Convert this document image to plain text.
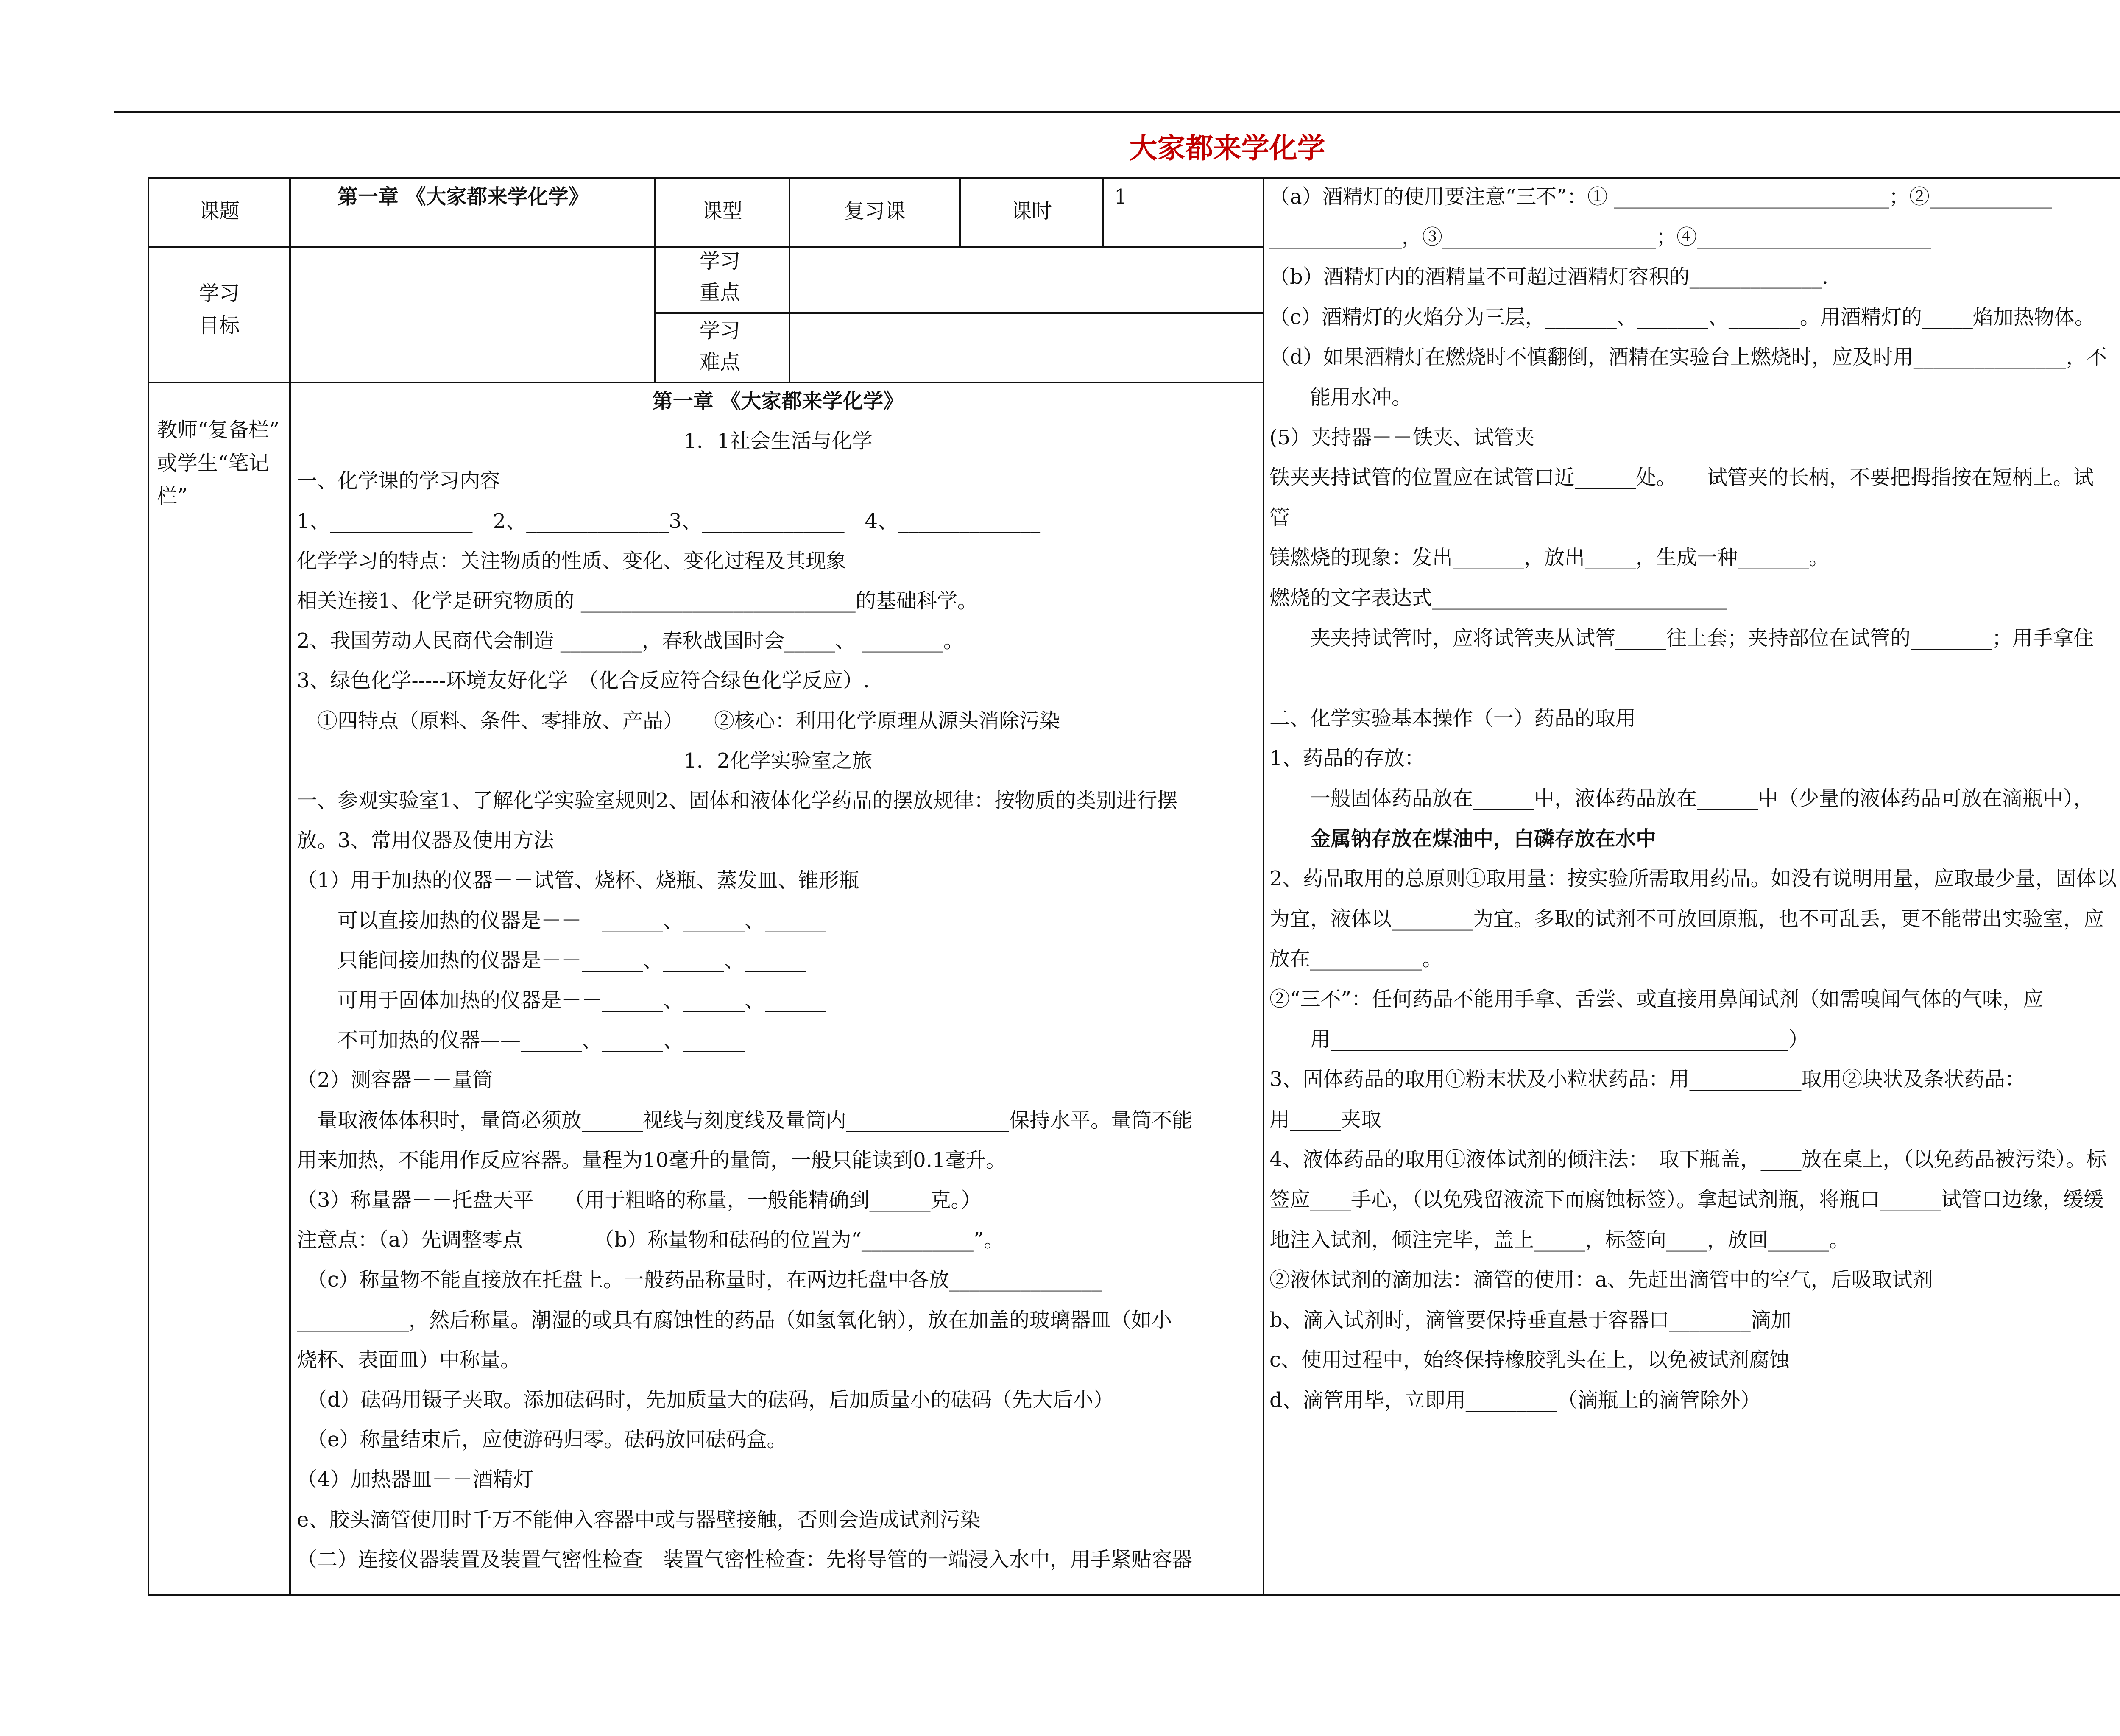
大家都来学化学
课题
第一章 《大家都来学化学》
课型	复习课	课时
1
学习
目标
学习
重点
学习
难点
教师“复备栏”
或学生“笔记
栏”
第一章 《大家都来学化学》
1．1社会生活与化学
一、化学课的学习内容
1、______________　2、______________3、______________　4、______________
化学学习的特点：关注物质的性质、变化、变化过程及其现象
相关连接1、化学是研究物质的 ___________________________的基础科学。
2、我国劳动人民商代会制造 ________，春秋战国时会_____、 ________。
3、绿色化学-----环境友好化学　（化合反应符合绿色化学反应）.
　①四特点（原料、条件、零排放、产品）　　②核心：利用化学原理从源头消除污染
1．2化学实验室之旅
一、参观实验室1、了解化学实验室规则2、固体和液体化学药品的摆放规律：按物质的类别进行摆
放。3、常用仪器及使用方法
（1）用于加热的仪器－－试管、烧杯、烧瓶、蒸发皿、锥形瓶
　　可以直接加热的仪器是－－　______、______、______
　　只能间接加热的仪器是－－______、______、______
　　可用于固体加热的仪器是－－______、______、______
　　不可加热的仪器——______、______、______
（2）测容器－－量筒
　量取液体体积时，量筒必须放______视线与刻度线及量筒内________________保持水平。量筒不能
用来加热，不能用作反应容器。量程为10毫升的量筒，一般只能读到0.1毫升。
（3）称量器－－托盘天平　　（用于粗略的称量，一般能精确到______克。）
注意点：（a）先调整零点　　　　（b）称量物和砝码的位置为“___________”。
　（c）称量物不能直接放在托盘上。一般药品称量时，在两边托盘中各放_______________
___________，然后称量。潮湿的或具有腐蚀性的药品（如氢氧化钠），放在加盖的玻璃器皿（如小
烧杯、表面皿）中称量。
　（d）砝码用镊子夹取。添加砝码时，先加质量大的砝码，后加质量小的砝码（先大后小）
　（e）称量结束后，应使游码归零。砝码放回砝码盒。
（4）加热器皿－－酒精灯
e、胶头滴管使用时千万不能伸入容器中或与器壁接触，否则会造成试剂污染
（二）连接仪器装置及装置气密性检查　装置气密性检查：先将导管的一端浸入水中，用手紧贴容器
（a）酒精灯的使用要注意“三不”：① ___________________________；②____________
_____________，③_____________________；④_______________________
（b）酒精灯内的酒精量不可超过酒精灯容积的_____________.
（c）酒精灯的火焰分为三层，_______、_______、_______。用酒精灯的_____焰加热物体。
（d）如果酒精灯在燃烧时不慎翻倒，酒精在实验台上燃烧时，应及时用_______________，不
　　能用水冲。
(5）夹持器－－铁夹、试管夹
铁夹夹持试管的位置应在试管口近______处。　　试管夹的长柄，不要把拇指按在短柄上。试
管
镁燃烧的现象：发出_______，放出_____，生成一种_______。
燃烧的文字表达式_____________________________
　　夹夹持试管时，应将试管夹从试管_____往上套；夹持部位在试管的________；用手拿住
二、化学实验基本操作（一）药品的取用
1、药品的存放：
　　一般固体药品放在______中，液体药品放在______中（少量的液体药品可放在滴瓶中），
　　金属钠存放在煤油中，白磷存放在水中
2、药品取用的总原则①取用量：按实验所需取用药品。如没有说明用量，应取最少量，固体以
为宜，液体以________为宜。多取的试剂不可放回原瓶，也不可乱丢，更不能带出实验室，应
放在___________。
②“三不”：任何药品不能用手拿、舌尝、或直接用鼻闻试剂（如需嗅闻气体的气味，应
　　用_____________________________________________）
3、固体药品的取用①粉末状及小粒状药品：用___________取用②块状及条状药品：
用_____夹取
4、液体药品的取用①液体试剂的倾注法：　取下瓶盖，____放在桌上，（以免药品被污染）。标
签应____手心，（以免残留液流下而腐蚀标签）。拿起试剂瓶，将瓶口______试管口边缘，缓缓
地注入试剂，倾注完毕，盖上_____，标签向____，放回______。
②液体试剂的滴加法：滴管的使用：a、先赶出滴管中的空气，后吸取试剂
b、滴入试剂时，滴管要保持垂直悬于容器口________滴加
c、使用过程中，始终保持橡胶乳头在上，以免被试剂腐蚀
d、滴管用毕，立即用_________（滴瓶上的滴管除外）
